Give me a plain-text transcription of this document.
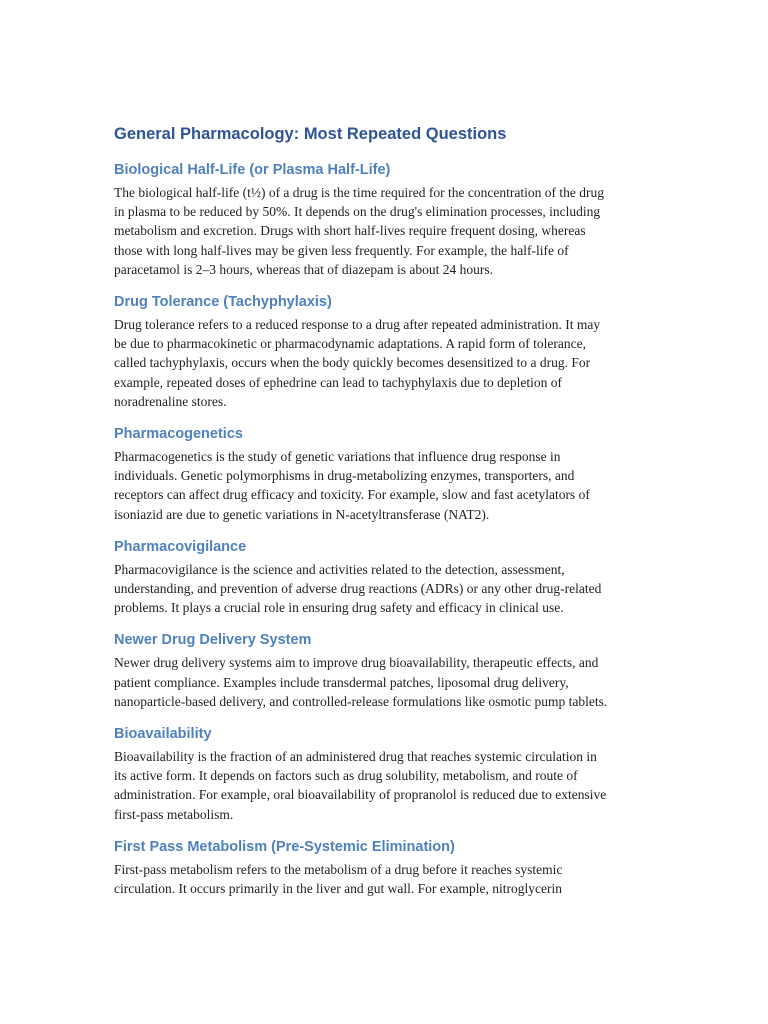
General Pharmacology: Most Repeated Questions
Biological Half-Life (or Plasma Half-Life)

The biological half-life (t½) of a drug is the time required for the concentration of the drug
in plasma to be reduced by 50%. It depends on the drug's elimination processes, including
metabolism and excretion. Drugs with short half-lives require frequent dosing, whereas
those with long half-lives may be given less frequently. For example, the half-life of
paracetamol is 2–3 hours, whereas that of diazepam is about 24 hours.

Drug Tolerance (Tachyphylaxis)

Drug tolerance refers to a reduced response to a drug after repeated administration. It may
be due to pharmacokinetic or pharmacodynamic adaptations. A rapid form of tolerance,
called tachyphylaxis, occurs when the body quickly becomes desensitized to a drug. For
example, repeated doses of ephedrine can lead to tachyphylaxis due to depletion of
noradrenaline stores.

Pharmacogenetics

Pharmacogenetics is the study of genetic variations that influence drug response in
individuals. Genetic polymorphisms in drug-metabolizing enzymes, transporters, and
receptors can affect drug efficacy and toxicity. For example, slow and fast acetylators of
isoniazid are due to genetic variations in N-acetyltransferase (NAT2).

Pharmacovigilance

Pharmacovigilance is the science and activities related to the detection, assessment,
understanding, and prevention of adverse drug reactions (ADRs) or any other drug-related
problems. It plays a crucial role in ensuring drug safety and efficacy in clinical use.

Newer Drug Delivery System

Newer drug delivery systems aim to improve drug bioavailability, therapeutic effects, and
patient compliance. Examples include transdermal patches, liposomal drug delivery,
nanoparticle-based delivery, and controlled-release formulations like osmotic pump tablets.

Bioavailability

Bioavailability is the fraction of an administered drug that reaches systemic circulation in
its active form. It depends on factors such as drug solubility, metabolism, and route of
administration. For example, oral bioavailability of propranolol is reduced due to extensive
first-pass metabolism.

First Pass Metabolism (Pre-Systemic Elimination)

First-pass metabolism refers to the metabolism of a drug before it reaches systemic
circulation. It occurs primarily in the liver and gut wall. For example, nitroglycerin
